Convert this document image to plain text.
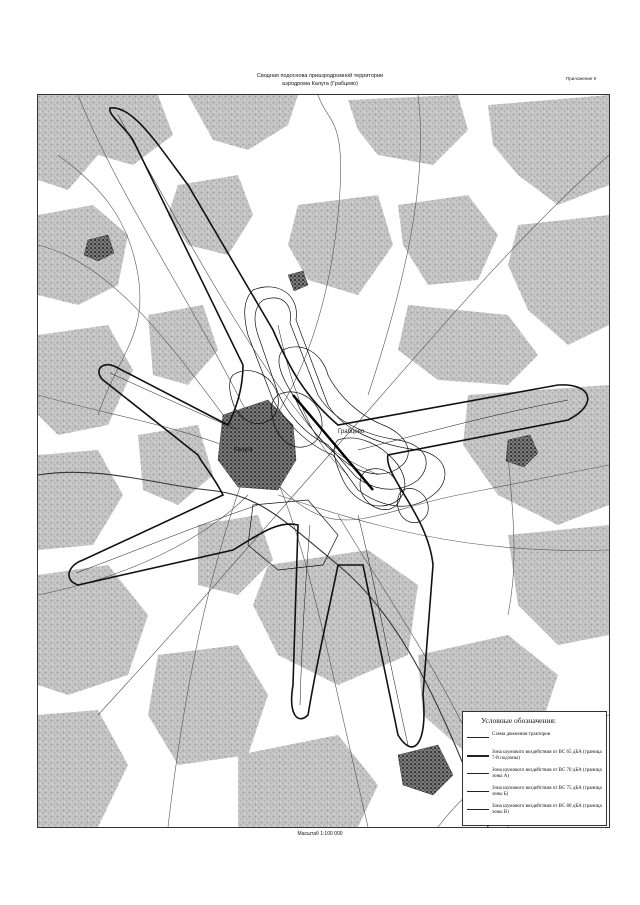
Приложение 9
Сводная подоснова приаэродромной территории
аэродрома Калуга (Грабцево)
Калуга
Грабцево
Условные обозначения:
Схема движения тракторов
Зона шумового воздействия от ВС 65 дБА (граница 7-й подзоны)
Зона шумового воздействия от ВС 70 дБА (граница зоны А)
Зона шумового воздействия от ВС 75 дБА (граница зоны Б)
Зона шумового воздействия от ВС 80 дБА (граница зоны В)
Масштаб 1:100 000
